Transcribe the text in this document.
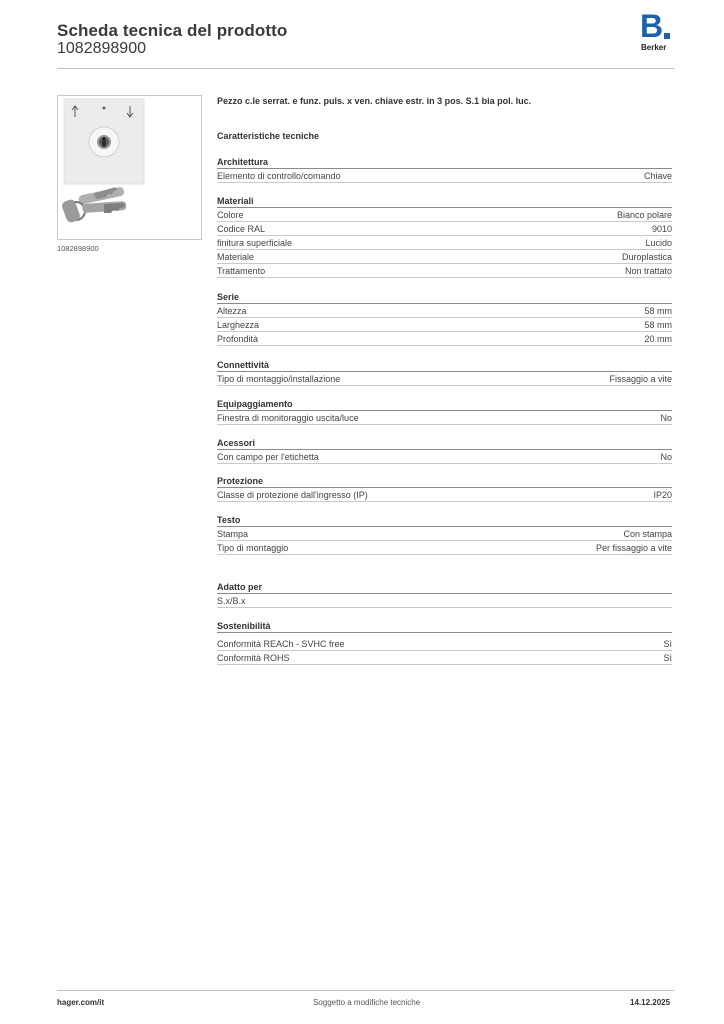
Scheda tecnica del prodotto
1082898900
B
Berker
1082898900
Pezzo c.le serrat. e funz. puls. x ven. chiave estr. in 3 pos. S.1 bia pol. luc.
Caratteristiche tecniche
Architettura
Elemento di controllo/comando	Chiave
Materiali
Colore	Bianco polare
Codice RAL	9010
finitura superficiale	Lucido
Materiale	Duroplastica
Trattamento	Non trattato
Serie
Altezza	58 mm
Larghezza	58 mm
Profondità	20 mm
Connettività
Tipo di montaggio/installazione	Fissaggio a vite
Equipaggiamento
Finestra di monitoraggio uscita/luce	No
Acessori
Con campo per l'etichetta	No
Protezione
Classe di protezione dall'ingresso (IP)	IP20
Testo
Stampa	Con stampa
Tipo di montaggio	Per fissaggio a vite
Adatto per
S.x/B.x
Sostenibilità
Conformità REACh - SVHC free	Sì
Conformità ROHS	Sì
hager.com/it	Soggetto a modifiche tecniche	14.12.2025
